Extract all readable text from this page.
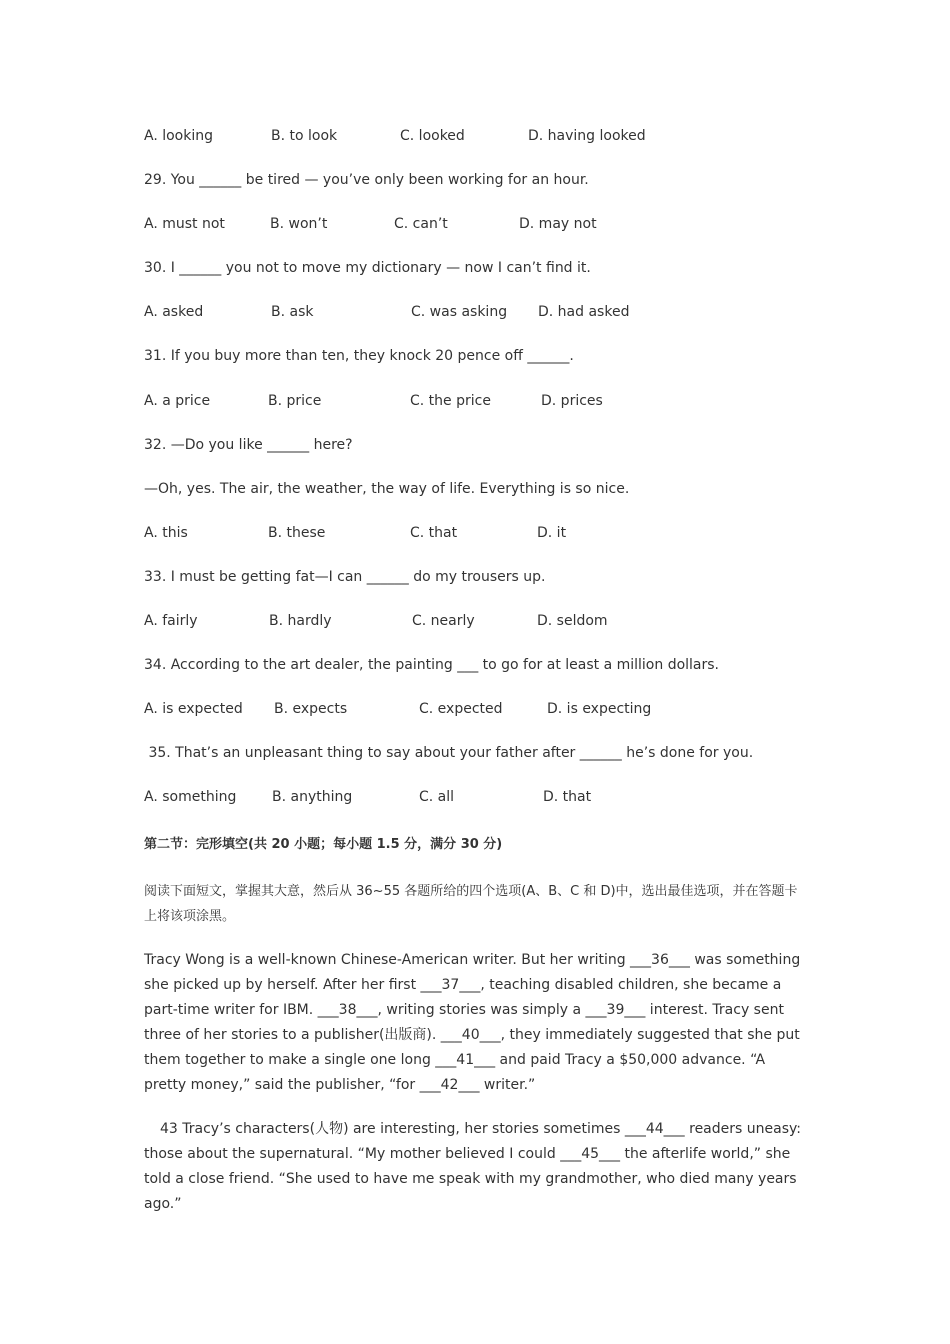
A. looking	B. to look	C. looked	D. having looked
29. You ______ be tired — you’ve only been working for an hour.
A. must not	B. won’t	C. can’t	D. may not
30. I ______ you not to move my dictionary — now I can’t find it.
A. asked	B. ask	C. was asking D. had asked
31. If you buy more than ten, they knock 20 pence off ______.
A. a price	B. price	C. the price	D. prices
32. —Do you like ______ here?
—Oh, yes. The air, the weather, the way of life. Everything is so nice.
A. this	B. these	C. that	D. it
33. I must be getting fat—I can ______ do my trousers up.
A. fairly	B. hardly	C. nearly	D. seldom
34. According to the art dealer, the painting ___ to go for at least a million dollars.
A. is expected B. expects	C. expected	D. is expecting
35. That’s an unpleasant thing to say about your father after ______ he’s done for you.
A. something	B. anything	C. all	D. that
第二节：完形填空(共 20 小题；每小题 1.5 分，满分 30 分)
阅读下面短文，掌握其大意，然后从 36~55 各题所给的四个选项(A、B、C 和 D)中，选出最佳选项，并在答题卡上将该项涂黑。
Tracy Wong is a well-known Chinese-American writer. But her writing ___36___ was something she picked up by herself. After her first ___37___, teaching disabled children, she became a part-time writer for IBM. ___38___, writing stories was simply a ___39___ interest. Tracy sent three of her stories to a publisher(出版商). ___40___, they immediately suggested that she put them together to make a single one long ___41___ and paid Tracy a $50,000 advance. “A pretty money,” said the publisher, “for ___42___ writer.”
43 Tracy’s characters(人物) are interesting, her stories sometimes ___44___ readers uneasy: those about the supernatural. “My mother believed I could ___45___ the afterlife world,” she told a close friend. “She used to have me speak with my grandmother, who died many years ago.”
